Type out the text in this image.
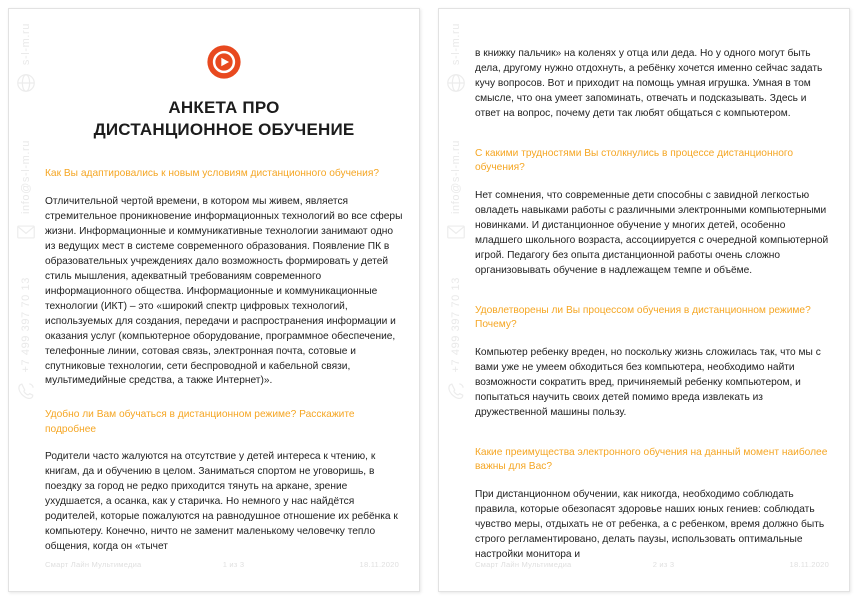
s-l-m.ru
info@s-l-m.ru
+7 499 397 70 13
АНКЕТА ПРО
ДИСТАНЦИОННОЕ ОБУЧЕНИЕ
Как Вы адаптировались к новым условиям дистанционного обучения?
Отличительной чертой времени, в котором мы живем, является стремительное проникновение информационных технологий во все сферы жизни. Информационные и коммуникативные технологии занимают одно из ведущих мест в системе современного образования. Появление ПК в образовательных учреждениях дало возможность формировать у детей стиль мышления, адекватный требованиям современного информационного общества. Информационные и коммуникационные технологии (ИКТ) – это «широкий спектр цифровых технологий, используемых для создания, передачи и распространения информации и оказания услуг (компьютерное оборудование, программное обеспечение, телефонные линии, сотовая связь, электронная почта, сотовые и спутниковые технологии, сети беспроводной и кабельной связи, мультимедийные средства, а также Интернет)».
Удобно ли Вам обучаться в дистанционном режиме? Расскажите подробнее
Родители часто жалуются на отсутствие у детей интереса к чтению, к книгам, да и обучению в целом. Заниматься спортом не уговоришь, в поездку за город не редко приходится тянуть на аркане, зрение ухудшается, а осанка, как у старичка. Но немного у нас найдётся родителей, которые пожалуются на равнодушное отношение их ребёнка к компьютеру. Конечно, ничто не заменит маленькому человечку тепло общения, когда он «тычет
Смарт Лайн Мультимедиа	1 из 3	18.11.2020
s-l-m.ru
info@s-l-m.ru
+7 499 397 70 13
в книжку пальчик» на коленях у отца или деда. Но у одного могут быть дела, другому нужно отдохнуть, а ребёнку хочется именно сейчас задать кучу вопросов. Вот и приходит на помощь умная игрушка. Умная в том смысле, что она умеет запоминать, отвечать и подсказывать. Здесь и ответ на вопрос, почему дети так любят общаться с компьютером.
С какими трудностями Вы столкнулись в процессе дистанционного обучения?
Нет сомнения, что современные дети способны с завидной легкостью овладеть навыками работы с различными электронными компьютерными новинками. И дистанционное обучение у многих детей, особенно младшего школьного возраста, ассоциируется с очередной компьютерной игрой. Педагогу без опыта дистанционной работы очень сложно организовывать обучение в надлежащем темпе и объёме.
Удовлетворены ли Вы процессом обучения в дистанционном режиме? Почему?
Компьютер ребенку вреден, но поскольку жизнь сложилась так, что мы с вами уже не умеем обходиться без компьютера, необходимо найти возможности сократить вред, причиняемый ребенку компьютером, и попытаться научить своих детей помимо вреда извлекать из дружественной машины пользу.
Какие преимущества электронного обучения на данный момент наиболее важны для Вас?
При дистанционном обучении, как никогда, необходимо соблюдать правила, которые обезопасят здоровье наших юных гениев: соблюдать чувство меры, отдыхать не от ребенка, а с ребенком, время должно быть строго регламентировано, делать паузы, использовать оптимальные настройки монитора и
Смарт Лайн Мультимедиа	2 из 3	18.11.2020
